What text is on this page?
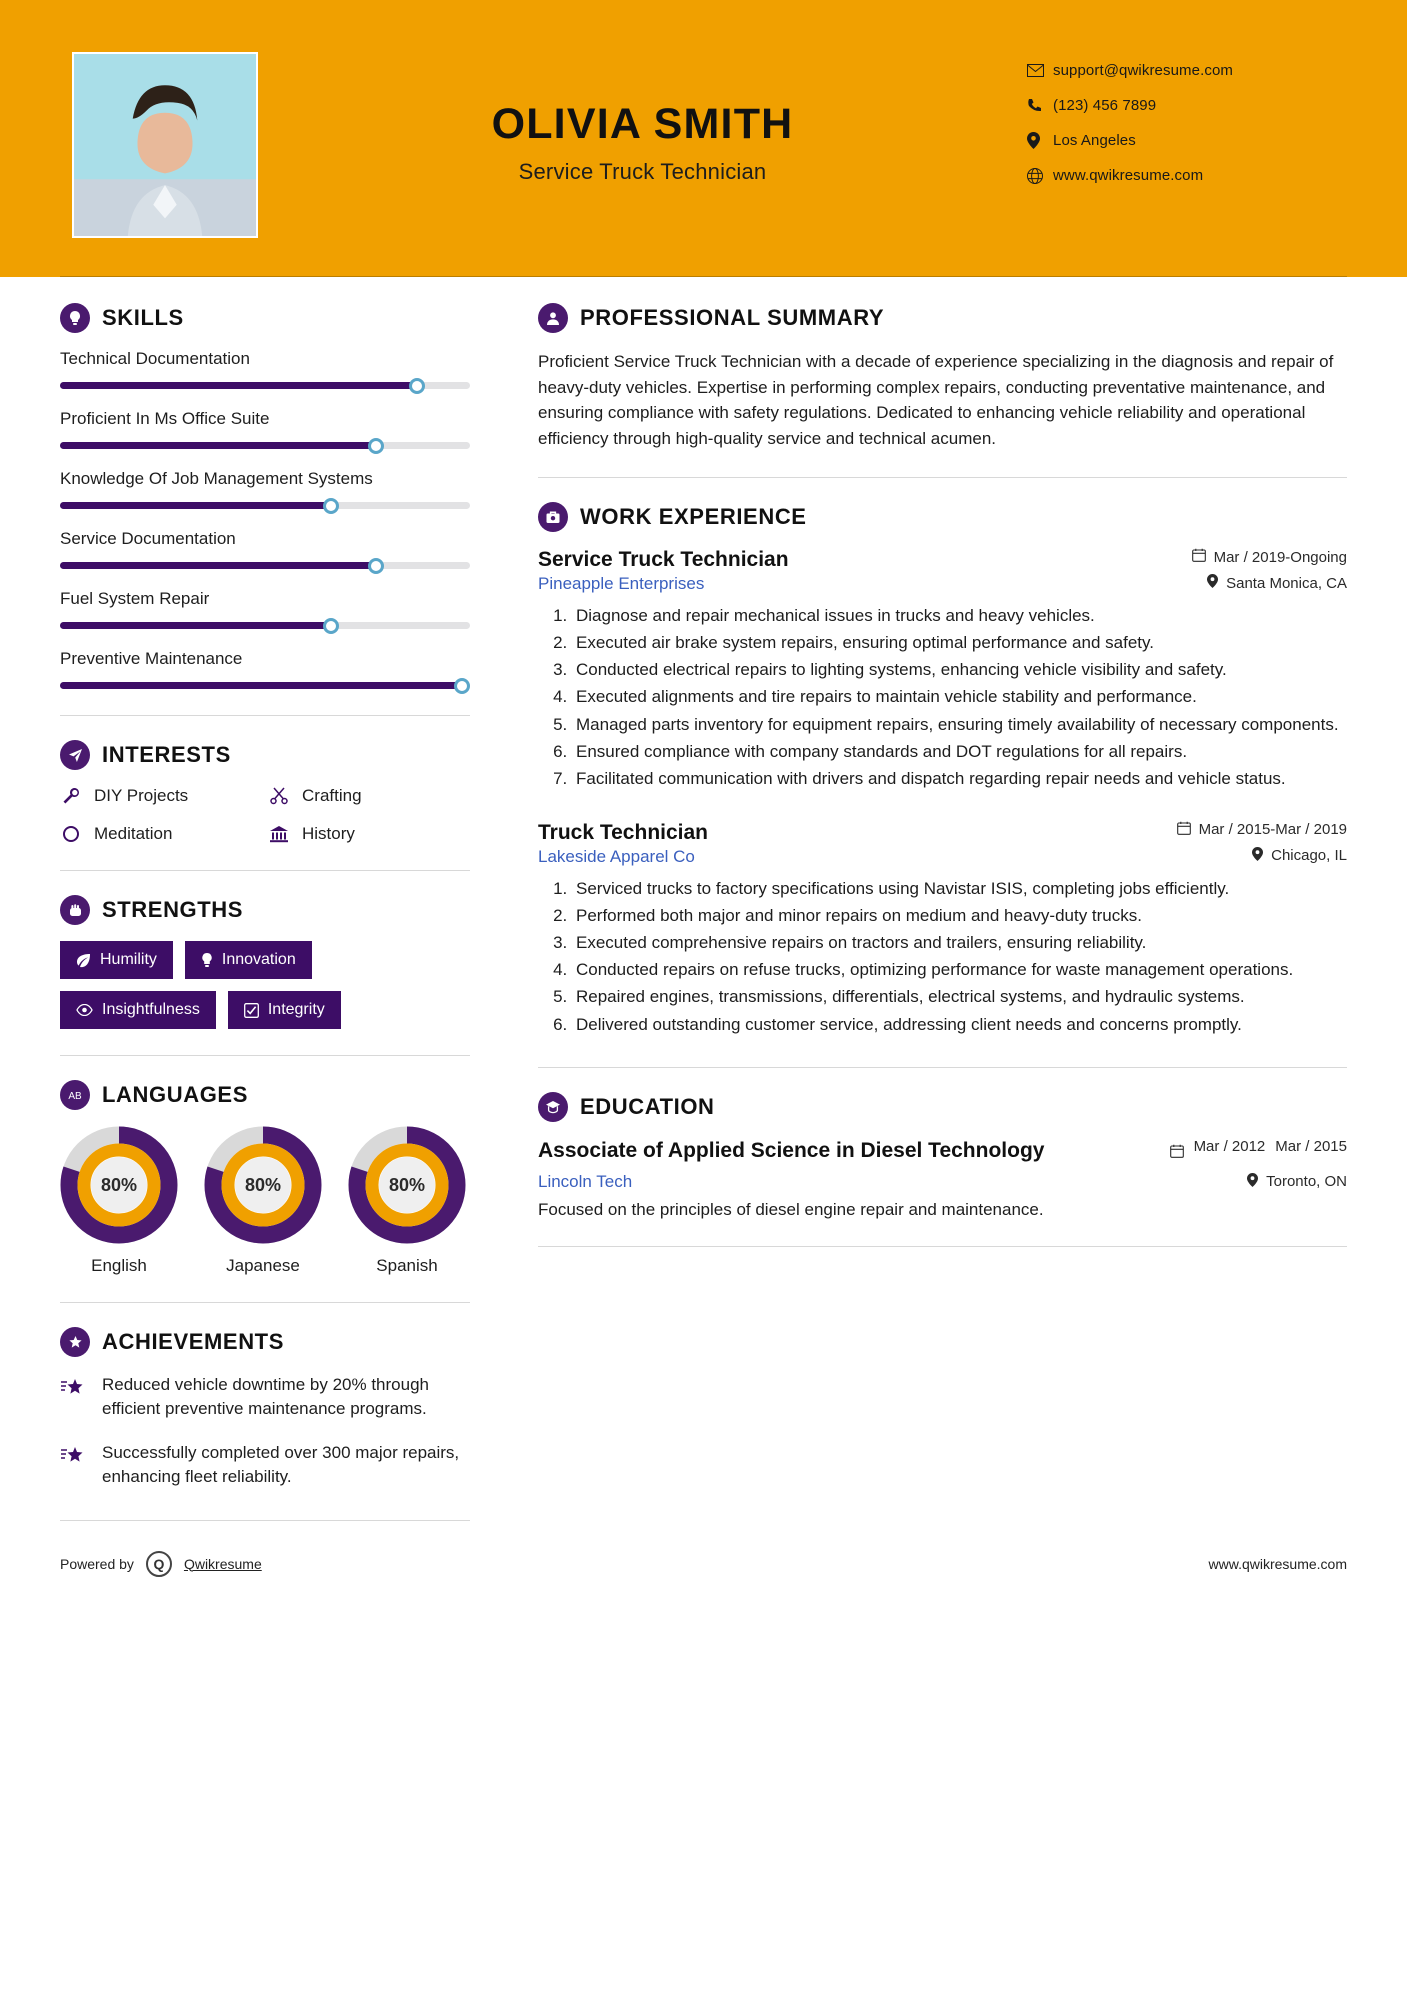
OLIVIA SMITH
Service Truck Technician
support@qwikresume.com
(123) 456 7899
Los Angeles
www.qwikresume.com
SKILLS
Technical Documentation
Proficient In Ms Office Suite
Knowledge Of Job Management Systems
Service Documentation
Fuel System Repair
Preventive Maintenance
INTERESTS
DIY Projects	Crafting
Meditation	History
STRENGTHS
Humility	Innovation
Insightfulness	Integrity
AB LANGUAGES
80%
English
80%
Japanese
80%
Spanish
ACHIEVEMENTS
Reduced vehicle downtime by 20% through efficient preventive maintenance programs.
Successfully completed over 300 major repairs, enhancing fleet reliability.
PROFESSIONAL SUMMARY
Proficient Service Truck Technician with a decade of experience specializing in the diagnosis and repair of heavy-duty vehicles. Expertise in performing complex repairs, conducting preventative maintenance, and ensuring compliance with safety regulations. Dedicated to enhancing vehicle reliability and operational efficiency through high-quality service and technical acumen.
WORK EXPERIENCE
Service Truck Technician	Mar / 2019-Ongoing
Pineapple Enterprises	Santa Monica, CA
1. Diagnose and repair mechanical issues in trucks and heavy vehicles.
2. Executed air brake system repairs, ensuring optimal performance and safety.
3. Conducted electrical repairs to lighting systems, enhancing vehicle visibility and safety.
4. Executed alignments and tire repairs to maintain vehicle stability and performance.
5. Managed parts inventory for equipment repairs, ensuring timely availability of necessary components.
6. Ensured compliance with company standards and DOT regulations for all repairs.
7. Facilitated communication with drivers and dispatch regarding repair needs and vehicle status.
Truck Technician	Mar / 2015-Mar / 2019
Lakeside Apparel Co	Chicago, IL
1. Serviced trucks to factory specifications using Navistar ISIS, completing jobs efficiently.
2. Performed both major and minor repairs on medium and heavy-duty trucks.
3. Executed comprehensive repairs on tractors and trailers, ensuring reliability.
4. Conducted repairs on refuse trucks, optimizing performance for waste management operations.
5. Repaired engines, transmissions, differentials, electrical systems, and hydraulic systems.
6. Delivered outstanding customer service, addressing client needs and concerns promptly.
EDUCATION
Associate of Applied Science in Diesel Technology	Mar / 2012 Mar / 2015
Lincoln Tech	Toronto, ON
Focused on the principles of diesel engine repair and maintenance.
Powered by	Q	Qwikresume	www.qwikresume.com
